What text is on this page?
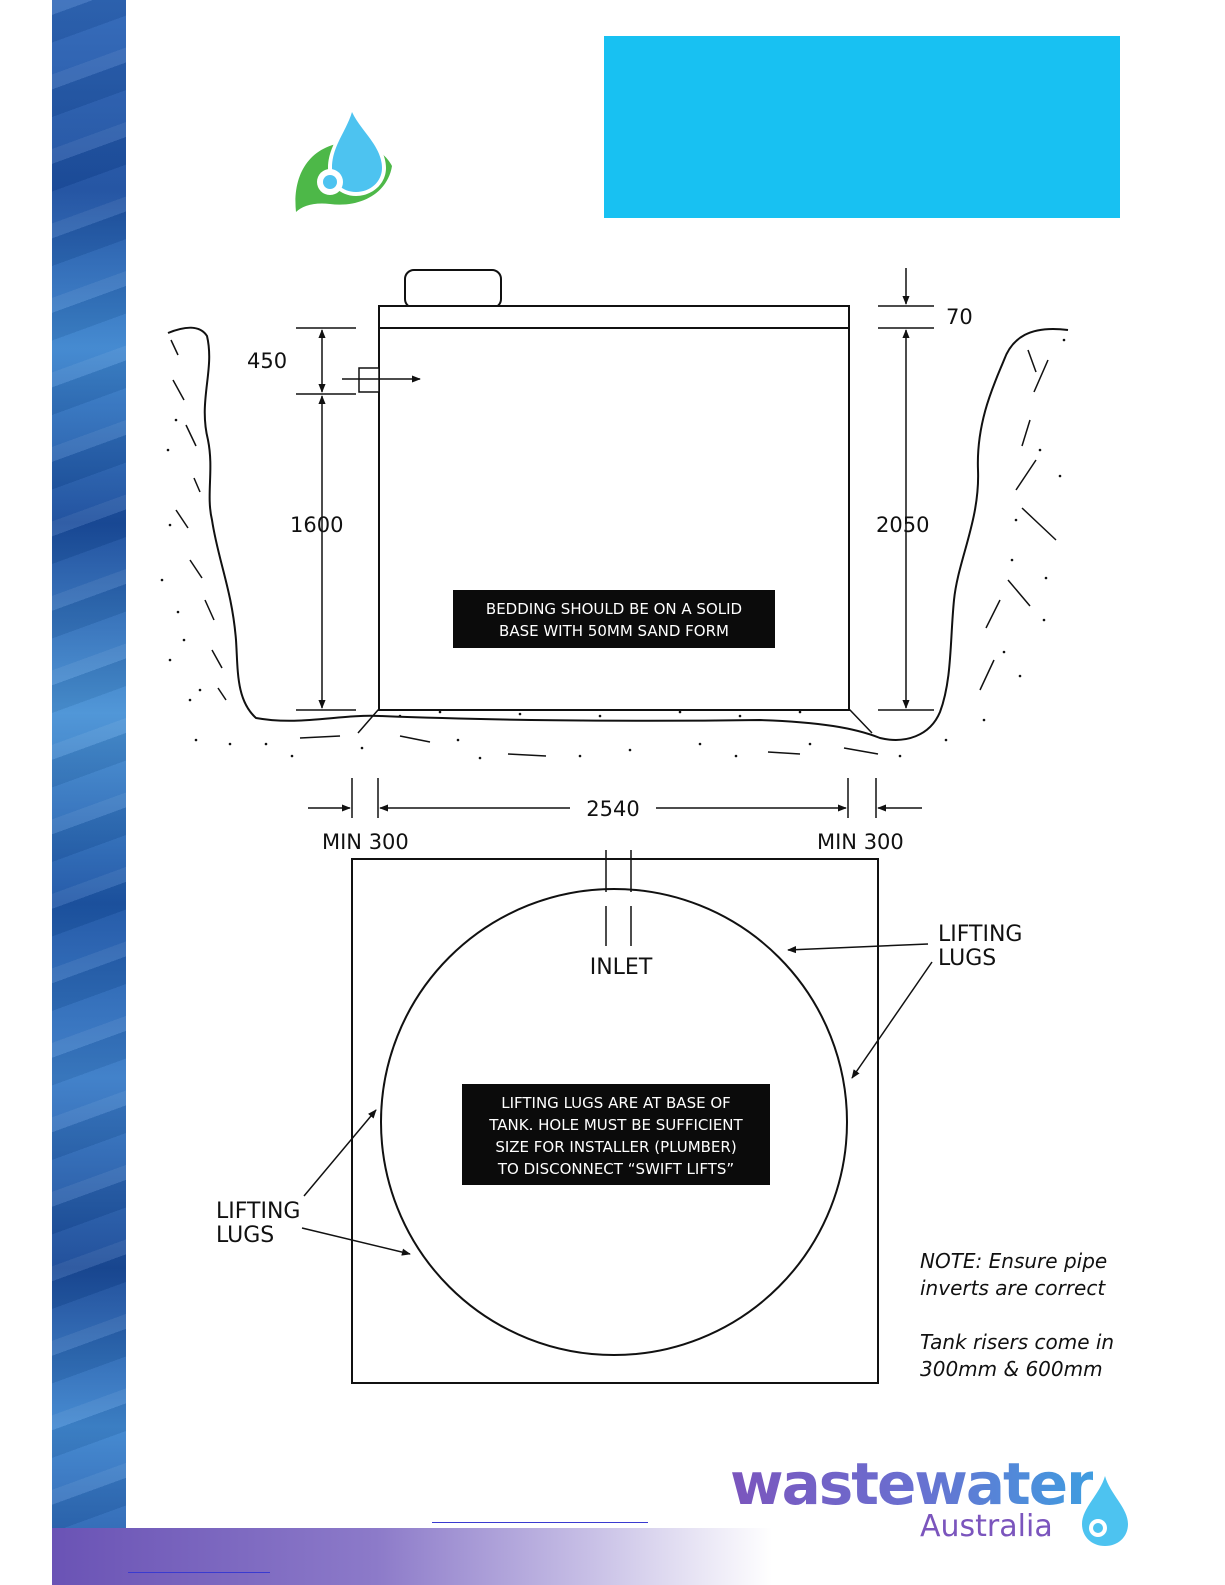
70
450
1600	2050
BEDDING SHOULD BE ON A SOLID
BASE WITH 50MM SAND FORM
2540
MIN 300	MIN 300
INLET
LIFTING
LUGS
LIFTING
LUGS
LIFTING LUGS ARE AT BASE OF
TANK. HOLE MUST BE SUFFICIENT
SIZE FOR INSTALLER (PLUMBER)
TO DISCONNECT “SWIFT LIFTS”

NOTE: Ensure pipe
inverts are correct

Tank risers come in
300mm & 600mm

wastewater
Australia
